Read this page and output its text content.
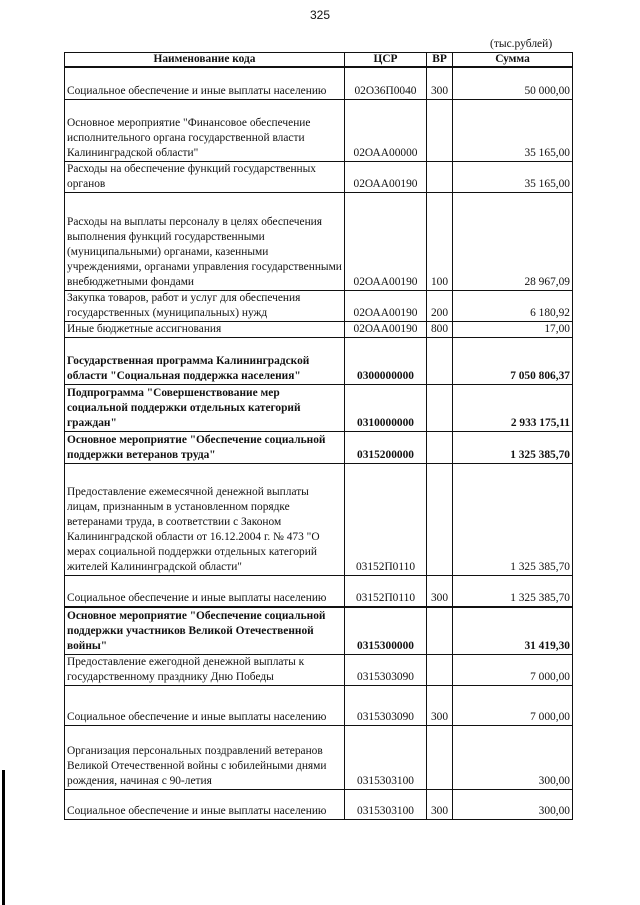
325
(тыс.рублей)
Наименование кода	ЦСР	ВР	Сумма
Социальное обеспечение и иные выплаты населению	02О36П0040	300	50 000,00
Основное мероприятие "Финансовое обеспечение исполнительного органа государственной власти Калининградской области"	02ОАА00000		35 165,00
Расходы на обеспечение функций государственных органов	02ОАА00190		35 165,00
Расходы на выплаты персоналу в целях обеспечения выполнения функций государственными (муниципальными) органами, казенными учреждениями, органами управления государственными внебюджетными фондами	02ОАА00190	100	28 967,09
Закупка товаров, работ и услуг для обеспечения государственных (муниципальных) нужд	02ОАА00190	200	6 180,92
Иные бюджетные ассигнования	02ОАА00190	800	17,00
Государственная программа Калининградской области "Социальная поддержка населения"	0300000000		7 050 806,37
Подпрограмма "Совершенствование мер социальной поддержки отдельных категорий граждан"	0310000000		2 933 175,11
Основное мероприятие "Обеспечение социальной поддержки ветеранов труда"	0315200000		1 325 385,70
Предоставление ежемесячной денежной выплаты лицам, признанным в установленном порядке ветеранами труда, в соответствии с Законом Калининградской области от 16.12.2004 г. № 473 "О мерах социальной поддержки отдельных категорий жителей Калининградской области"	03152П0110		1 325 385,70
Социальное обеспечение и иные выплаты населению	03152П0110	300	1 325 385,70
Основное мероприятие "Обеспечение социальной поддержки участников Великой Отечественной войны"	0315300000		31 419,30
Предоставление ежегодной денежной выплаты к государственному празднику Дню Победы	0315303090		7 000,00
Социальное обеспечение и иные выплаты населению	0315303090	300	7 000,00
Организация персональных поздравлений ветеранов Великой Отечественной войны с юбилейными днями рождения, начиная с 90-летия	0315303100		300,00
Социальное обеспечение и иные выплаты населению	0315303100	300	300,00
